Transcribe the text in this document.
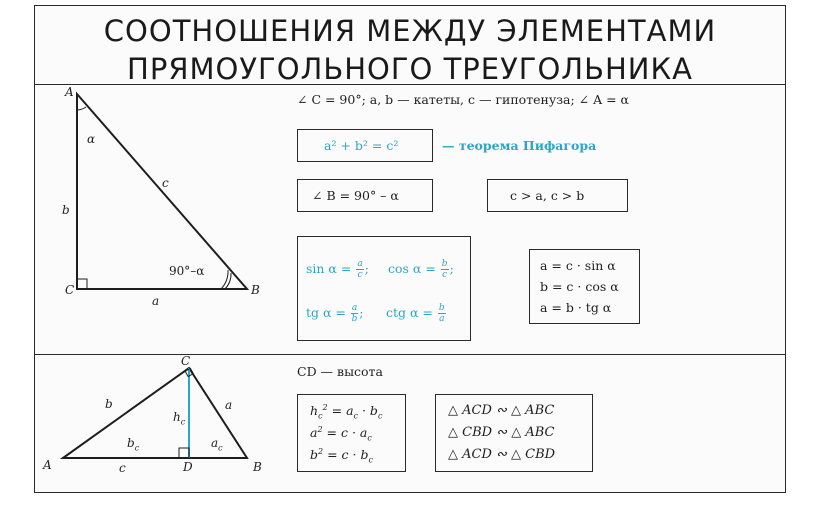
СООТНОШЕНИЯ МЕЖДУ ЭЛЕМЕНТАМИ
ПРЯМОУГОЛЬНОГО ТРЕУГОЛЬНИКА
A
C	B
α
b
c
a
90°–α
∠ C = 90°; a, b — катеты, c — гипотенуза; ∠ A = α
a² + b² = c²	— теорема Пифагора
∠ B = 90° – α	c > a, c > b
$\sin \alpha = \frac{a}{c}$ ; $\cos \alpha = \frac{b}{c}$ ;
tg $\alpha = \frac{a}{b}$ ; ctg $\alpha = \frac{b}{a}$
a = c · sin α
b = c · cos α
a = b · tg α
A
C
D	B
b	a
c
$h_c$
$b_c$	$a_c$
CD — высота
$h_c^2 = a_c \cdot b_c$
$a^2 = c \cdot a_c$
$b^2 = c \cdot b_c$
△ ACD ∾ △ ABC
△ CBD ∾ △ ABC
△ ACD ∾ △ CBD
